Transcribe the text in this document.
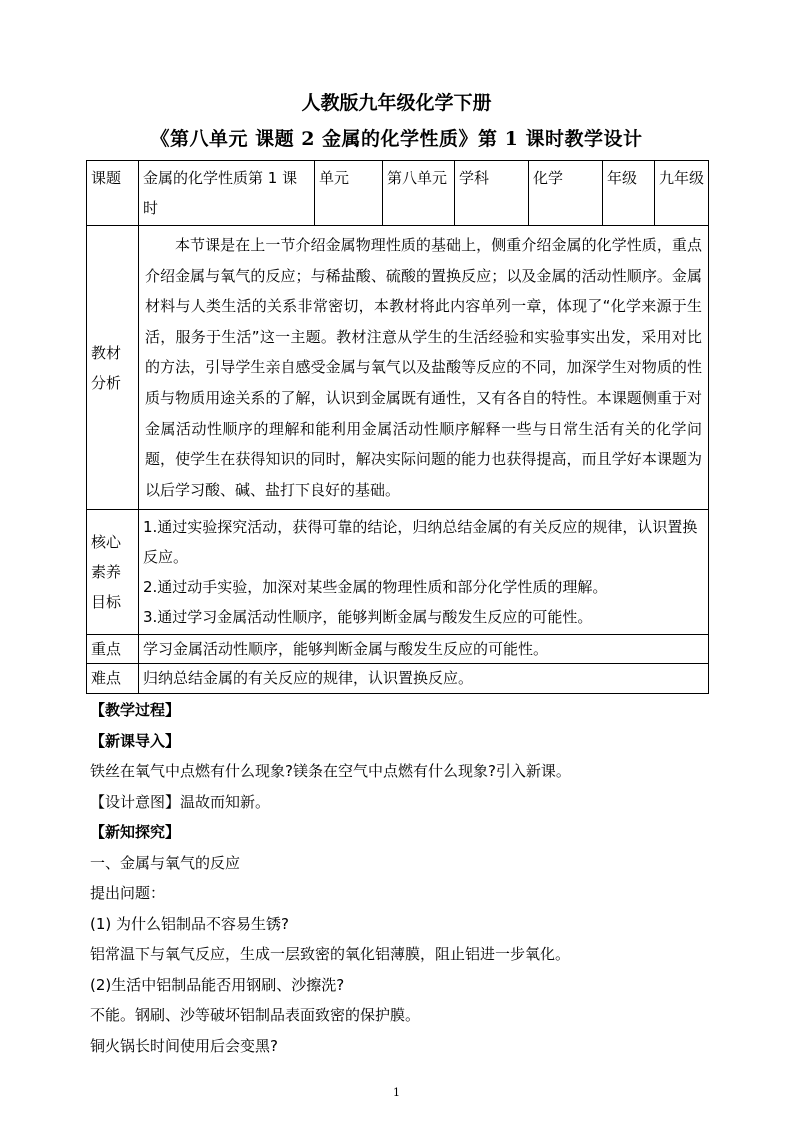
人教版九年级化学下册
《第八单元 课题 2 金属的化学性质》第 1 课时教学设计
课题	金属的化学性质第 1 课时	单元	第八单元	学科	化学	年级	九年级
教材分析	本节课是在上一节介绍金属物理性质的基础上，侧重介绍金属的化学性质，重点介绍金属与氧气的反应；与稀盐酸、硫酸的置换反应；以及金属的活动性顺序。金属材料与人类生活的关系非常密切，本教材将此内容单列一章，体现了“化学来源于生活，服务于生活”这一主题。教材注意从学生的生活经验和实验事实出发，采用对比的方法，引导学生亲自感受金属与氧气以及盐酸等反应的不同，加深学生对物质的性质与物质用途关系的了解，认识到金属既有通性，又有各自的特性。本课题侧重于对金属活动性顺序的理解和能利用金属活动性顺序解释一些与日常生活有关的化学问题，使学生在获得知识的同时，解决实际问题的能力也获得提高，而且学好本课题为以后学习酸、碱、盐打下良好的基础。						
核心素养目标	1.通过实验探究活动，获得可靠的结论，归纳总结金属的有关反应的规律，认识置换反应。
2.通过动手实验，加深对某些金属的物理性质和部分化学性质的理解。
3.通过学习金属活动性顺序，能够判断金属与酸发生反应的可能性。						

重点	学习金属活动性顺序，能够判断金属与酸发生反应的可能性。						
难点	归纳总结金属的有关反应的规律，认识置换反应。						

【教学过程】

【新课导入】

铁丝在氧气中点燃有什么现象?镁条在空气中点燃有什么现象?引入新课。

【设计意图】温故而知新。

【新知探究】

一、金属与氧气的反应

提出问题：

(1) 为什么铝制品不容易生锈?

铝常温下与氧气反应，生成一层致密的氧化铝薄膜，阻止铝进一步氧化。

(2)生活中铝制品能否用钢刷、沙擦洗?

不能。钢刷、沙等破坏铝制品表面致密的保护膜。

铜火锅长时间使用后会变黑?

1
